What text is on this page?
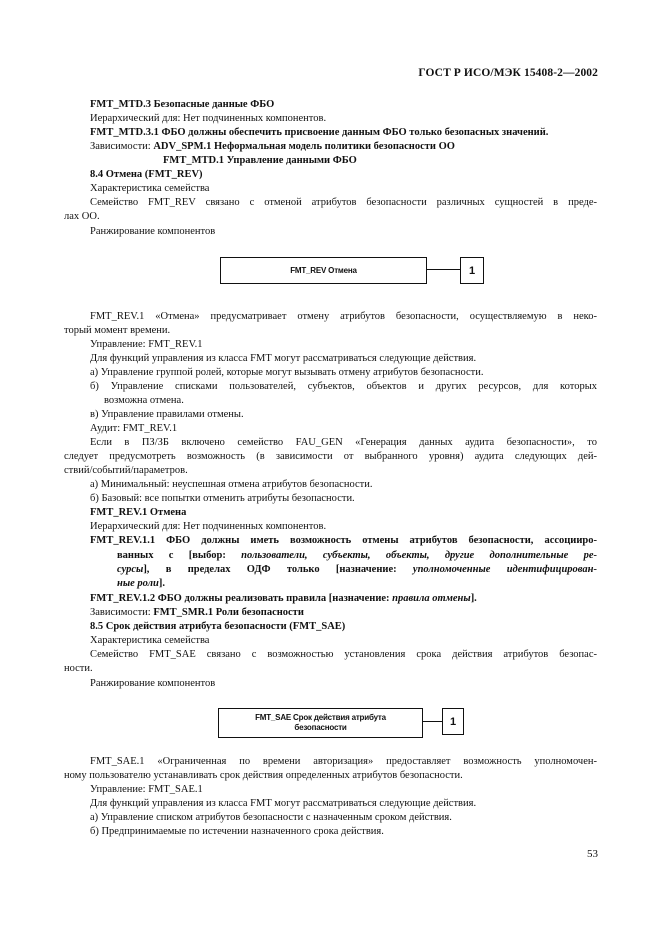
ГОСТ Р ИСО/МЭК 15408-2—2002
FMT_MTD.3 Безопасные данные ФБО
Иерархический для: Нет подчиненных компонентов.
FMT_MTD.3.1 ФБО должны обеспечить присвоение данным ФБО только безопасных значений.
Зависимости: ADV_SPM.1 Неформальная модель политики безопасности ОО
FMT_MTD.1 Управление данными ФБО
8.4 Отмена (FMT_REV)
Характеристика семейства
Семейство FMT_REV связано с отменой атрибутов безопасности различных сущностей в преде-
лах ОО.
Ранжирование компонентов
FMT_REV Отмена	1
FMT_REV.1 «Отмена» предусматривает отмену атрибутов безопасности, осуществляемую в неко-
торый момент времени.
Управление: FMT_REV.1
Для функций управления из класса FMT могут рассматриваться следующие действия.
а) Управление группой ролей, которые могут вызывать отмену атрибутов безопасности.
б) Управление списками пользователей, субъектов, объектов и других ресурсов, для которых
возможна отмена.
в) Управление правилами отмены.
Аудит: FMT_REV.1
Если в ПЗ/ЗБ включено семейство FAU_GEN «Генерация данных аудита безопасности», то
следует предусмотреть возможность (в зависимости от выбранного уровня) аудита следующих дей-
ствий/событий/параметров.
а) Минимальный: неуспешная отмена атрибутов безопасности.
б) Базовый: все попытки отменить атрибуты безопасности.
FMT_REV.1 Отмена
Иерархический для: Нет подчиненных компонентов.
FMT_REV.1.1 ФБО должны иметь возможность отмены атрибутов безопасности, ассоцииро-
ванных с [выбор: пользователи, субъекты, объекты, другие дополнительные ре-
сурсы], в пределах ОДФ только [назначение: уполномоченные идентифицирован-
ные роли].
FMT_REV.1.2 ФБО должны реализовать правила [назначение: правила отмены].
Зависимости: FMT_SMR.1 Роли безопасности
8.5 Срок действия атрибута безопасности (FMT_SAE)
Характеристика семейства
Семейство FMT_SAE связано с возможностью установления срока действия атрибутов безопас-
ности.
Ранжирование компонентов
FMT_SAE Срок действия атрибута
безопасности	1
FMT_SAE.1 «Ограниченная по времени авторизация» предоставляет возможность уполномочен-
ному пользователю устанавливать срок действия определенных атрибутов безопасности.
Управление: FMT_SAE.1
Для функций управления из класса FMT могут рассматриваться следующие действия.
а) Управление списком атрибутов безопасности с назначенным сроком действия.
б) Предпринимаемые по истечении назначенного срока действия.
53
